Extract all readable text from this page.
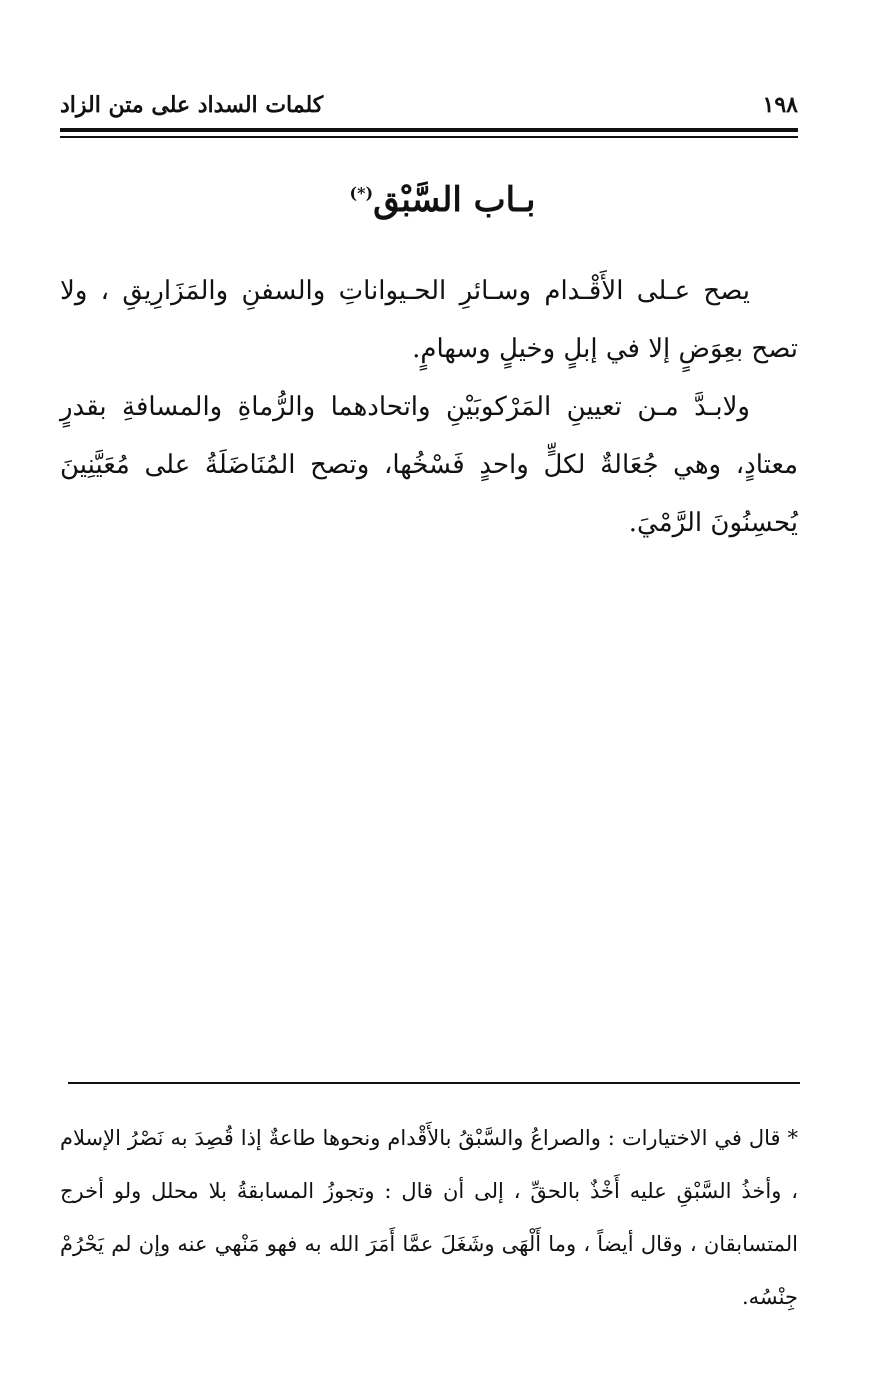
١٩٨
كلمات السداد على متن الزاد
بـاب السَّبْق(*)

يصح عـلى الأَقْـدام وسـائرِ الحـيواناتِ والسفنِ والمَزَارِيقِ ، ولا تصح بعِوَضٍ إلا في إبلٍ وخيلٍ وسهامٍ.

ولابـدَّ مـن تعيينِ المَرْكوبَيْنِ واتحادهما والرُّماةِ والمسافةِ بقدرٍ معتادٍ، وهي جُعَالةٌ لكلٍّ واحدٍ فَسْخُها، وتصح المُنَاضَلَةُ على مُعَيَّنِينَ يُحسِنُونَ الرَّمْيَ.

* قال في الاختيارات : والصراعُ والسَّبْقُ بالأَقْدام ونحوها طاعةٌ إذا قُصِدَ به نَصْرُ الإسلام ، وأخذُ السَّبْقِ عليه أَخْذٌ بالحقِّ ، إلى أن قال : وتجوزُ المسابقةُ بلا محلل ولو أخرج المتسابقان ، وقال أيضاً ، وما أَلْهَى وشَغَلَ عمَّا أَمَرَ الله به فهو مَنْهي عنه وإن لم يَحْرُمْ جِنْسُه.
